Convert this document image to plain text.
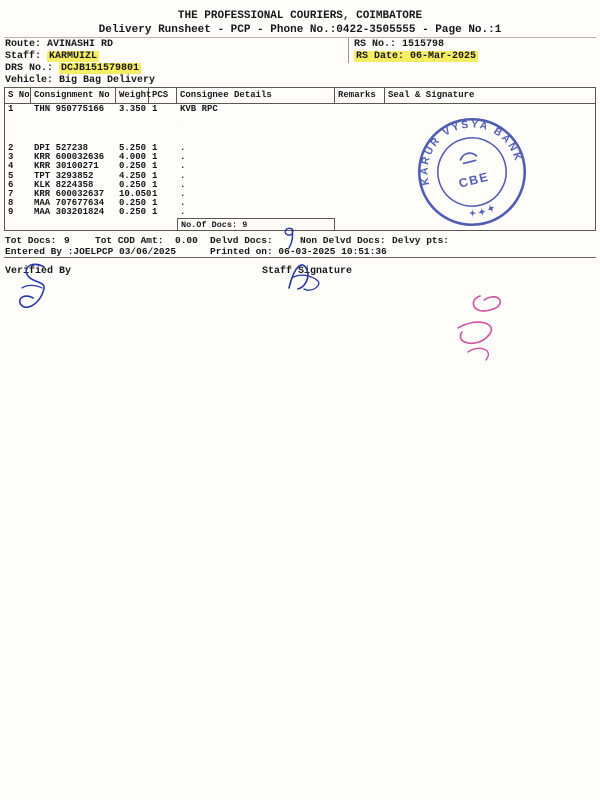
THE PROFESSIONAL COURIERS, COIMBATORE
Delivery Runsheet - PCP - Phone No.:0422-3505555 - Page No.:1
Route: AVINASHI RD
Staff: KARMUIZL
DRS No.: DCJB151579801
Vehicle: Big Bag Delivery
RS No.: 1515798
RS Date: 06-Mar-2025
S No Consignment No	Weight PCS	Consignee Details	Remarks	Seal & Signature
1	THN 950775166	3.350 1	KVB RPC
2	DPI 527238	5.250 1	.
3	KRR 600032636	4.000 1	.
4	KRR 30100271	0.250 1	.
5	TPT 3293852	4.250 1	.
6	KLK 8224358	0.250 1	.
7	KRR 600032637	10.050 1	.
8	MAA 707677634	0.250 1	.
9	MAA 303201824	0.250 1	.
No.Of Docs: 9
Tot Docs: 9	Tot COD Amt: 0.00 Delvd Docs:	Non Delvd Docs: Delvy pts:
Entered By :JOELPCP 03/06/2025	Printed on: 06-03-2025 10:51:36
Verified By	Staff Signature
9
KARUR VYSYA BANK
✦ ✦ ✦
CBE
